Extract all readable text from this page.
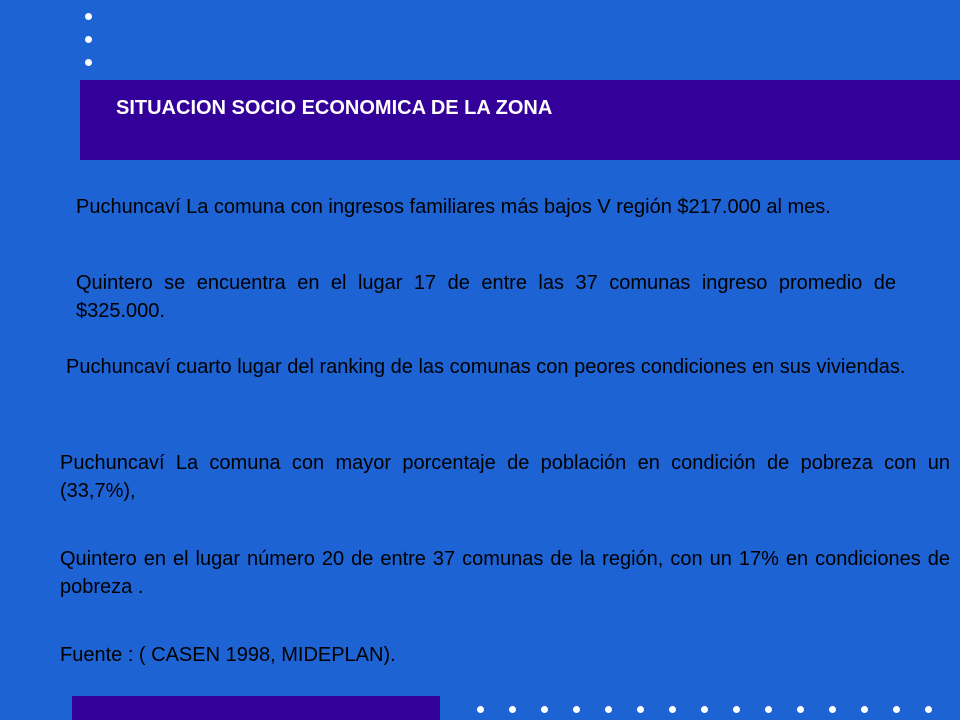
SITUACION SOCIO ECONOMICA DE LA ZONA
Puchuncaví La comuna con ingresos familiares más bajos V región $217.000 al mes.
Quintero se encuentra en el lugar 17 de entre las 37 comunas ingreso promedio de $325.000.
Puchuncaví cuarto lugar del ranking de las comunas con peores condiciones en sus viviendas.
Puchuncaví La comuna con mayor porcentaje de población en condición de pobreza con un (33,7%),
Quintero en el lugar número 20 de entre 37 comunas de la región, con un 17% en condiciones de pobreza .
Fuente : ( CASEN 1998, MIDEPLAN).
